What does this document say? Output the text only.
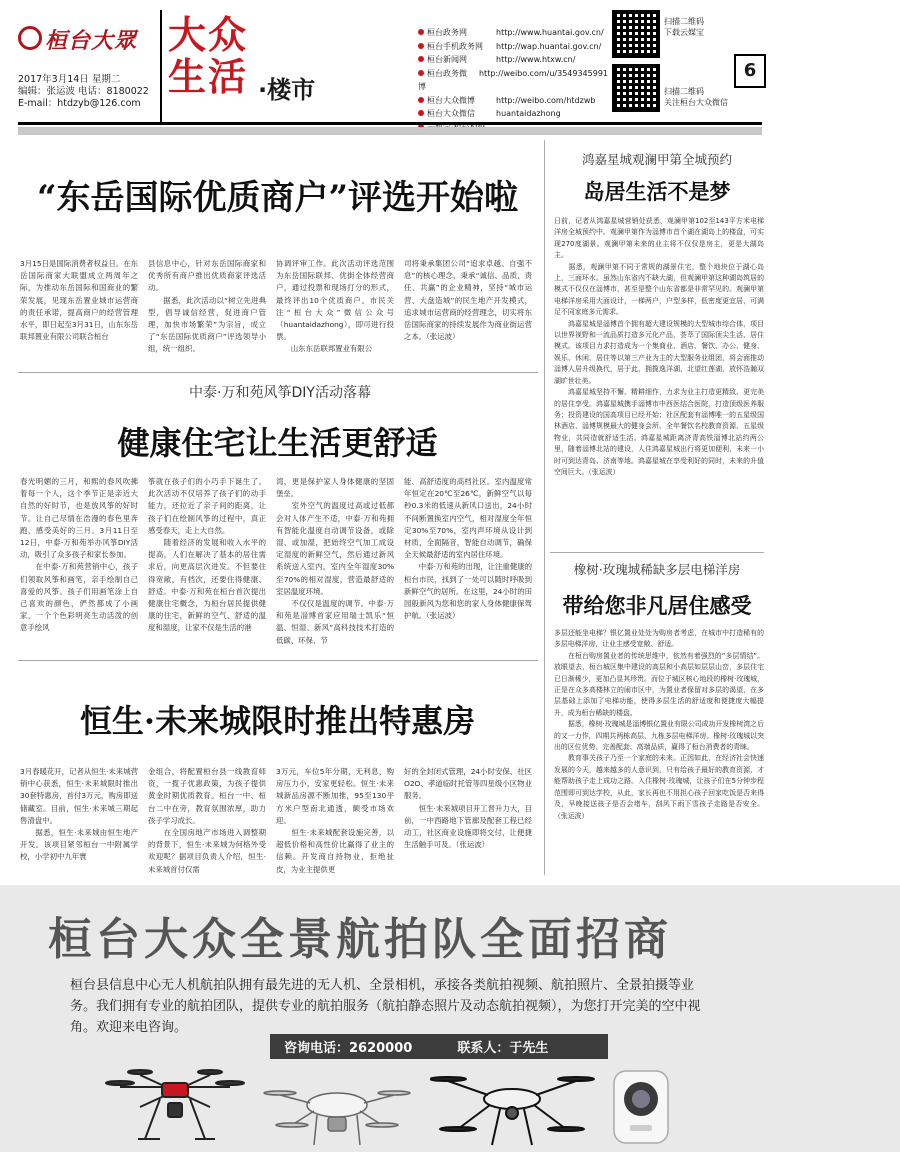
桓台大眾
2017年3月14日 星期二
编辑：张运波 电话：8180022
E-mail：htdzyb@126.com
大众
生活 ·楼市
桓台政务网	http://www.huantai.gov.cn/
桓台手机政务网	http://wap.huantai.gov.cn/
桓台新闻网	http://www.htxw.cn/
桓台政务微博
http://weibo.com/u/3549345991
桓台大众微博	http://weibo.com/htdzwb
桓台大众微信	huantaidazhong
扫描二维码
下载云媒宝
扫描二维码
关注桓台大众微信
6
“东岳国际优质商户”评选开始啦
3月15日是国际消费者权益日。在东岳国际商家大联盟成立两周年之际，为推动东岳国际和国商业的繁荣发展，见现东岳置业城市运营商的责任承诺，提高商户的经营管理水平，即日起至3月31日，山东东岳联邦置业有限公司联合桓台
县信息中心，针对东岳国际商家和优秀所有商户推出优质商家评选活动。
　　据悉，此次活动以“树立先进典型，倡导诚信经营，促进商户管理，加快市场繁荣”为宗旨，成立了“东岳国际优质商户”评选领导小组，统一组织、
协调评审工作。此次活动评选范围为东岳国际联邦、优街全体经营商户，通过投票和现场打分的形式，最终评出10个优质商户。市民关注“桓台大众”微信公众号（huantaidazhong），即可进行投票。
　　山东东岳联邦置业有限公
司将秉承集团公司“追求卓越、自强不息”的核心理念，秉承“诚信、品质、责任、共赢”的企业精神，坚持“城市运营、大盘造城”的民生地产开发模式，追求城市运营商的经营理念，切实将东岳国际商家的持续发展作为商业街运营之本。（张运波）
中泰·万和苑风筝DIY活动落幕
健康住宅让生活更舒适
春光明媚的三月，和熙的春风吹拂着每一个人，这个季节正是亲近大自然的好时节，也是放风筝的好时节。让自己尽情在浩漫的春色里奔跑，感受美好的三月。3月11日至12日，中泰·万和苑举办风筝DIY活动，吸引了众多孩子和家长参加。
　　在中泰·万和苑营销中心，孩子们领取风筝和画笔，亲手绘制自己喜爱的风筝。孩子们用画笔涂上自己喜欢的颜色，俨然都成了小画家，一个个色彩明亮生动活泼的创意手绘风
筝就在孩子们的小巧手下诞生了。此次活动不仅培养了孩子们的动手能力，还拉近了亲子间的距离，让孩子们在绘制风筝的过程中，真正感受春天，走上大自然。
　　随着经济的发展和收入水平的提高，人们在解决了基本的居住需求后，向更高层次进发。不但要住得宽敞，有档次，还要住得健康、舒适。中泰·万和苑在桓台首次提出健康住宅概念，为桓台居民提供健康的住宅，新鲜的空气、舒适的温度和湿度，让家不仅是生活的港
湾，更是保护家人身体健康的坚固堡垒。
　　室外空气的温度过高或过低都会对人体产生不适，中泰·万和苑拥有智能化温度自动调节设备，或除湿、或加湿，把始终空气加工成设定湿度的新鲜空气，然后通过新风系统送入室内，室内全年湿度30%至70%的相对湿度，营造最舒适的室居温度环境。
　　不仅仅是温度的调节。中泰·万和苑是淄博首家应用瑞士凯乐“恒温、恒湿、新风”高科技技术打造的低碳、环保、节
能、高舒适度的高档社区。室内温度常年恒定在20℃至26℃，新鲜空气以每秒0.3米的低速从新风口送出，24小时不间断置换室内空气，相对湿度全年恒定30%至70%，室内声环境从设计到材质，全面隔音，智能自动调节，确保全天候最舒适的室内居住环境。
　　中泰·万和苑的出现，让注重健康的桓台市民，找到了一处可以随时呼吸到新鲜空气的居所。在这里，24小时的田园般新风为您和您的家人身体健康保驾护航。（张运波）
恒生·未来城限时推出特惠房
3月春暖花开，记者从恒生·未来城营销中心获悉，恒生·未来城限时推出30套特惠房，首付3万元，购房即送储藏室。目前，恒生·未来城三期起售清盘中。
　　据悉，恒生·未来城由恒生地产开发。该项目紧邻桓台一中附属学校，小学初中九年寰
金组合，将配置桓台县一线教育师资，一揽子优惠政策，为孩子提供黄金时期优质教育。桓台一中、桓台二中在旁，教育氛围浓厚，助力孩子学习成长。
　　在全国房地产市场进入调整期的背景下，恒生·未来城为何格外受欢迎呢？据项目负责人介绍，恒生·未来城首付仅需
3万元，车位5年分期，无利息，购房压力小，安家更轻松。恒生·未来城新品房源不断加推，95至130平方米户型南北通透，颇受市场欢迎。
　　恒生·未来城配套设施完善，以超低价格和高性价比赢得了业主的信赖。开发商自持物业，拒绝扯皮，为业主提供更
好的全封闭式管理，24小时安保、社区O2O、孝道临时托管等四星级小区物业服务。
　　恒生·未来城项目开工晋升力大，目前，一中西路地下管廊及配套工程已经动工，社区商业设施即将交付，让便捷生活触手可及。（张运波）
鸿嘉星城观澜甲第全城预约
岛居生活不是梦
日前，记者从鸿嘉星城营销处获悉，观澜甲第102至143平方米电梯洋房全城预约中。观澜甲第作为淄博市首个湖在湖岛上的楼盘，可实现270度湖景。观澜甲第未来的业主将不仅仅是房主，更是大湖岛主。
　　据悉，观澜甲第不同于常规的湖景住宅，整个地块位于湖心岛上，三面环水。虽然山东省内不缺大湖，但观澜甲第这种湖岛筑居的模式不仅仅在淄博市，甚至是整个山东省都是非常罕见的。观澜甲第电梯洋房采用大面设计，一梯两户，户型多样，低密度更宜居，可满足不同家庭多元需求。
　　鸿嘉星城是淄博首个拥有超大建设规模的大型城市综合体，项目以世界视野和一流品质打造多元化产品，荟萃了国际顶尖生活、居住模式。该项目力求打造成为一个集商业、酒店、餐饮、办公、健身、娱乐、休闲、居住等以第三产业为主的大型服务业组团，将会面推动淄博人居升级换代，居于此，拥揽逸洋湖，北望红莲湖，放怀浩瀚双湖旷世壮美。
　　鸿嘉星城坚持不懈、精耕细作，力求为业主打造更精致、更完美的居住享受。鸿嘉星城携手淄博市中西医结合医院，打造顶级医养服务；投资建设的国高项目已经开始；社区配套有淄博唯一的五星级国林酒店、淄博规模最大的健身会所、全年餐饮名校教育资源、五星级物业，共同造就舒适生活。鸿嘉星城距离济青高铁淄博北站约两公里，随着淄博北站的建设，人住鸿嘉星城出行将更加便利，未来一小时可到达青岛、济南等地。鸿嘉星城在享受利好的同时，未来的升值空间巨大。（张运波）
橡树·玫瑰城稀缺多层电梯洋房
带给您非凡居住感受
多层还能坐电梯？银亿置业处处为购房者考虑，在城市中打造稀有的多层电梯洋房，让业主感受宽敞、舒适。
　　在桓台购房置业者的传统思维中，依然有着强烈的“多层情结”。放眼望去，桓台城区集中建设的高层和小高层如层层山峦，多层住宅已日渐稀少，更加凸显其珍贵。而位于城区核心地段的橡树·玫瑰城，正是在众多高楼林立的闹市区中，为置业者保留对多层的渴望，在多层基础上添加了电梯功能，使得多层生活的舒适度和便捷度大幅提升，成为桓台稀缺的楼盘。
　　据悉，橡树·玫瑰城是淄博银亿置业有限公司成功开发橡树湾之后的又一力作，四期共两栋高层、九栋多层电梯洋房。橡树·玫瑰城以突出的区位优势、完善配套、高端品质，赢得了桓台消费者的青睐。
　　教育事关孩子乃至一个家庭的未来。正因如此，在经济社会快速发展的今天，越来越多的人意识到，只有给孩子最好的教育资源，才能帮助孩子走上成功之路。入住橡树·玫瑰城，让孩子们在5分钟步程范围即可到达学校，从此，家长再也不用担心孩子回家吃饭是否来得及，早晚接送孩子是否会堵车，刮风下雨下雪孩子走路是否安全。（张运波）
桓台大众全景航拍队全面招商
桓台县信息中心无人机航拍队拥有最先进的无人机、全景相机，承接各类航拍视频、航拍照片、全景拍摄等业务。我们拥有专业的航拍团队，提供专业的航拍服务（航拍静态照片及动态航拍视频），为您打开完美的空中视角。欢迎来电咨询。
咨询电话：2620000	联系人：于先生
